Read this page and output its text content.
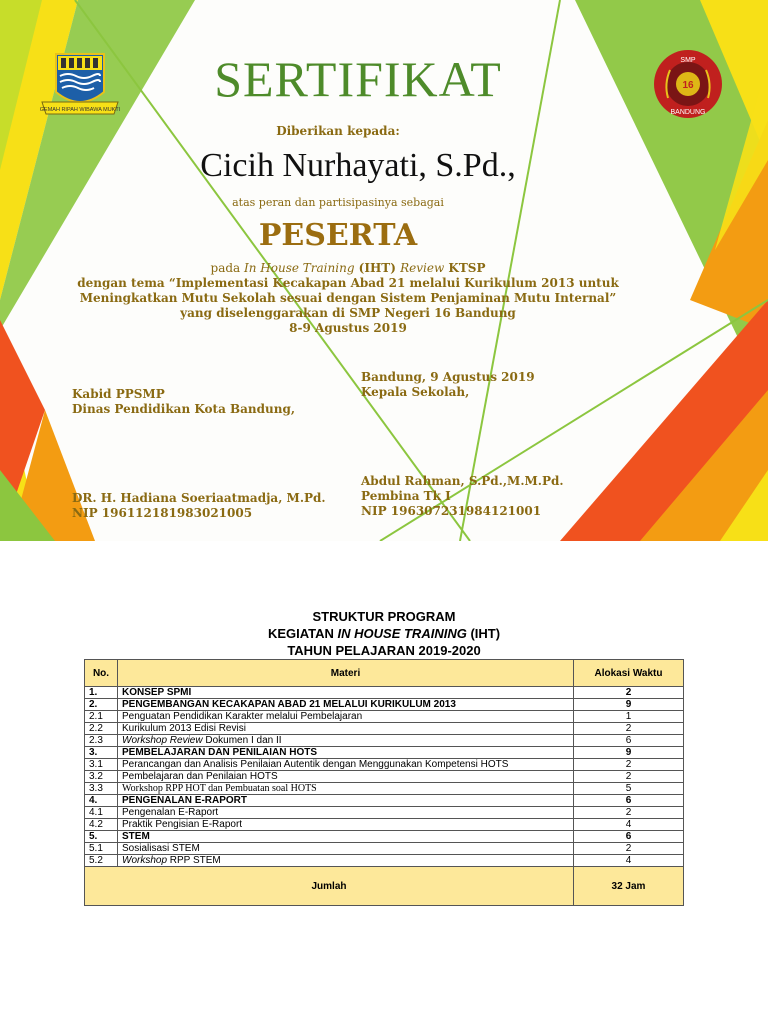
GEMAH RIPAH WIBAWA MUKTI
SMP
16
BANDUNG
SERTIFIKAT
Diberikan kepada:
Cicih Nurhayati, S.Pd.,
atas peran dan partisipasinya sebagai
PESERTA
pada In House Training (IHT) Review KTSP
dengan tema “Implementasi Kecakapan Abad 21 melalui Kurikulum 2013 untuk
Meningkatkan Mutu Sekolah sesuai dengan Sistem Penjaminan Mutu Internal”
yang diselenggarakan di SMP Negeri 16 Bandung
8-9 Agustus 2019
Kabid PPSMP
Dinas Pendidikan Kota Bandung,
DR. H. Hadiana Soeriaatmadja, M.Pd.
NIP 196112181983021005
Bandung, 9 Agustus 2019
Kepala Sekolah,
Abdul Rahman, S.Pd.,M.M.Pd.
Pembina Tk I
NIP 196307231984121001
STRUKTUR PROGRAM
KEGIATAN IN HOUSE TRAINING (IHT)
TAHUN PELAJARAN 2019-2020
No.	Materi	Alokasi Waktu
1.	KONSEP SPMI	2
2.	PENGEMBANGAN KECAKAPAN ABAD 21 MELALUI KURIKULUM 2013	9
2.1	Penguatan Pendidikan Karakter melalui Pembelajaran	1
2.2	Kurikulum 2013 Edisi Revisi	2
2.3	Workshop Review Dokumen I dan II	6
3.	PEMBELAJARAN DAN PENILAIAN HOTS	9
3.1	Perancangan dan Analisis Penilaian Autentik dengan Menggunakan Kompetensi HOTS	2
3.2	Pembelajaran dan Penilaian HOTS	2
3.3	Workshop RPP HOT dan Pembuatan soal HOTS	5
4.	PENGENALAN E-RAPORT	6
4.1	Pengenalan E-Raport	2
4.2	Praktik Pengisian E-Raport	4
5.	STEM	6
5.1	Sosialisasi STEM	2
5.2	Workshop RPP STEM	4
Jumlah		32 Jam
